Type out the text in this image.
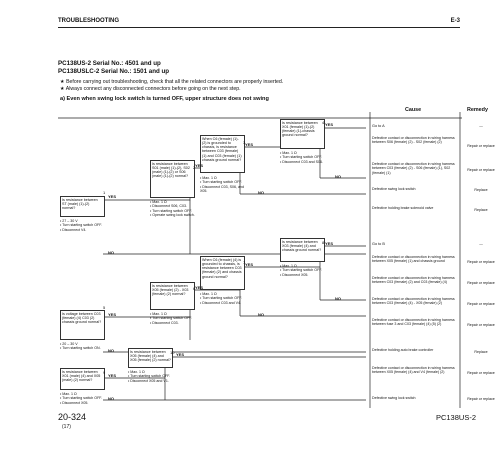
TROUBLESHOOTING	E-3
PC138US-2 Serial No.: 4501 and up
PC138USLC-2 Serial No.: 1501 and up
★ Before carrying out troubleshooting, check that all the related connectors are properly inserted.
★ Always connect any disconnected connectors before going on the next step.
a) Even when swing lock switch is turned OFF, upper structure does not swing
Cause	Remedy
Is resistance between ST (male) (1)-(2) normal?
Is resistance between S01 (male) (1)-(2), S02 (male) (1)-(2) or S06 (male) (1)-(2) normal?
When C6 (female) (1)-(2) is grounded to chassis, is resistance between C03 (female) (1) and C03 (female) (1) chassis ground normal?
Is resistance between X01 (female) (1)-(2) (female) (1)-chassis ground normal?
Is voltage between C03 (female) (4) C03 (2) chassis ground normal?
Is resistance between X05 (female) (2) - X03 (female) (2) normal?
When C6 (female) (4) is grounded to chassis, is resistance between C03 (female) (2) and chassis ground normal?
Is resistance between X03 (female) (4) and chassis ground normal?
Is resistance between X01 (male) (4) and X05 (male) (2) normal?
Is resistance between X05 (female) (4) and X05 (female) (2) normal?
• 27 – 30 V
• Turn starting switch OFF.
• Disconnect V4.
• Max. 1 Ω
• Disconnect S06, C03.
• Turn starting switch OFF.
• Operate swing lock switch.
• Max. 1 Ω
• Turn starting switch OFF.
• Disconnect C03, S06, and X05.
• Max. 1 Ω
• Turn starting switch OFF.
• Disconnect C03 and S06.
• 20 – 30 V
• Turn starting switch ON.
• Max. 1 Ω
• Turn starting switch OFF.
• Disconnect C03.
• Max. 1 Ω
• Turn starting switch OFF.
• Disconnect C03 and V4.
• Max. 1 Ω
• Turn starting switch OFF.
• Disconnect X05.
• Max. 1 Ω
• Turn starting switch OFF.
• Disconnect X05.
• Max. 1 Ω
• Turn starting switch OFF.
• Disconnect X05 and V1.
1
2
3
4
5
6
7
8
9
10
YES
YES
YES
YES
NO
NO
NO
YES
YES
YES
YES
NO
NO
NO
YES
YES
NO
Go to A
Go to B
Defective contact or disconnection in wiring harness between S06 (female) (2) - S02 (female) (2)
Defective contact or disconnection in wiring harness between C03 (female) (2) - S06 (female) (1), S02 (female) (1)
Defective swing lock switch
Defective holding brake solenoid valve
Defective contact or disconnection in wiring harness between X05 (female) (1) and chassis ground
Defective contact or disconnection in wiring harness between C03 (female) (2) and C03 (female) (4)
Defective contact or disconnection in wiring harness between C03 (female) (4) - X05 (female) (2)
Defective contact or disconnection in wiring harness between fuse 3 and C03 (female) (4) (5) (2)
Defective holding auto brake controller
Defective contact or disconnection in wiring harness between X05 (female) (4) and V4 (female) (2)
Defective swing lock switch
—
Repair or replace
Repair or replace
Replace
Replace
—
Repair or replace
Repair or replace
Repair or replace
Repair or replace
Replace
Repair or replace
Repair or replace
20-324
(17)
PC138US-2
